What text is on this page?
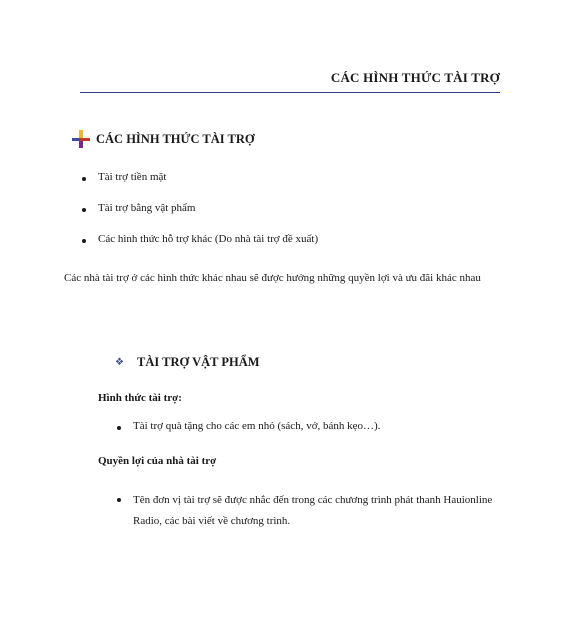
CÁC HÌNH THỨC TÀI TRỢ
CÁC HÌNH THỨC TÀI TRỢ
Tài trợ tiền mặt
Tài trợ bằng vật phẩm
Các hình thức hỗ trợ khác (Do nhà tài trợ đề xuất)
Các nhà tài trợ ở các hình thức khác nhau sẽ được hưởng những quyền lợi và ưu đãi khác nhau
❖ TÀI TRỢ VẬT PHẨM
Hình thức tài trợ:
Tài trợ quà tặng cho các em nhỏ (sách, vở, bánh kẹo…).
Quyền lợi của nhà tài trợ
Tên đơn vị tài trợ sẽ được nhắc đến trong các chương trình phát thanh Hauionline Radio, các bài viết về chương trình.
